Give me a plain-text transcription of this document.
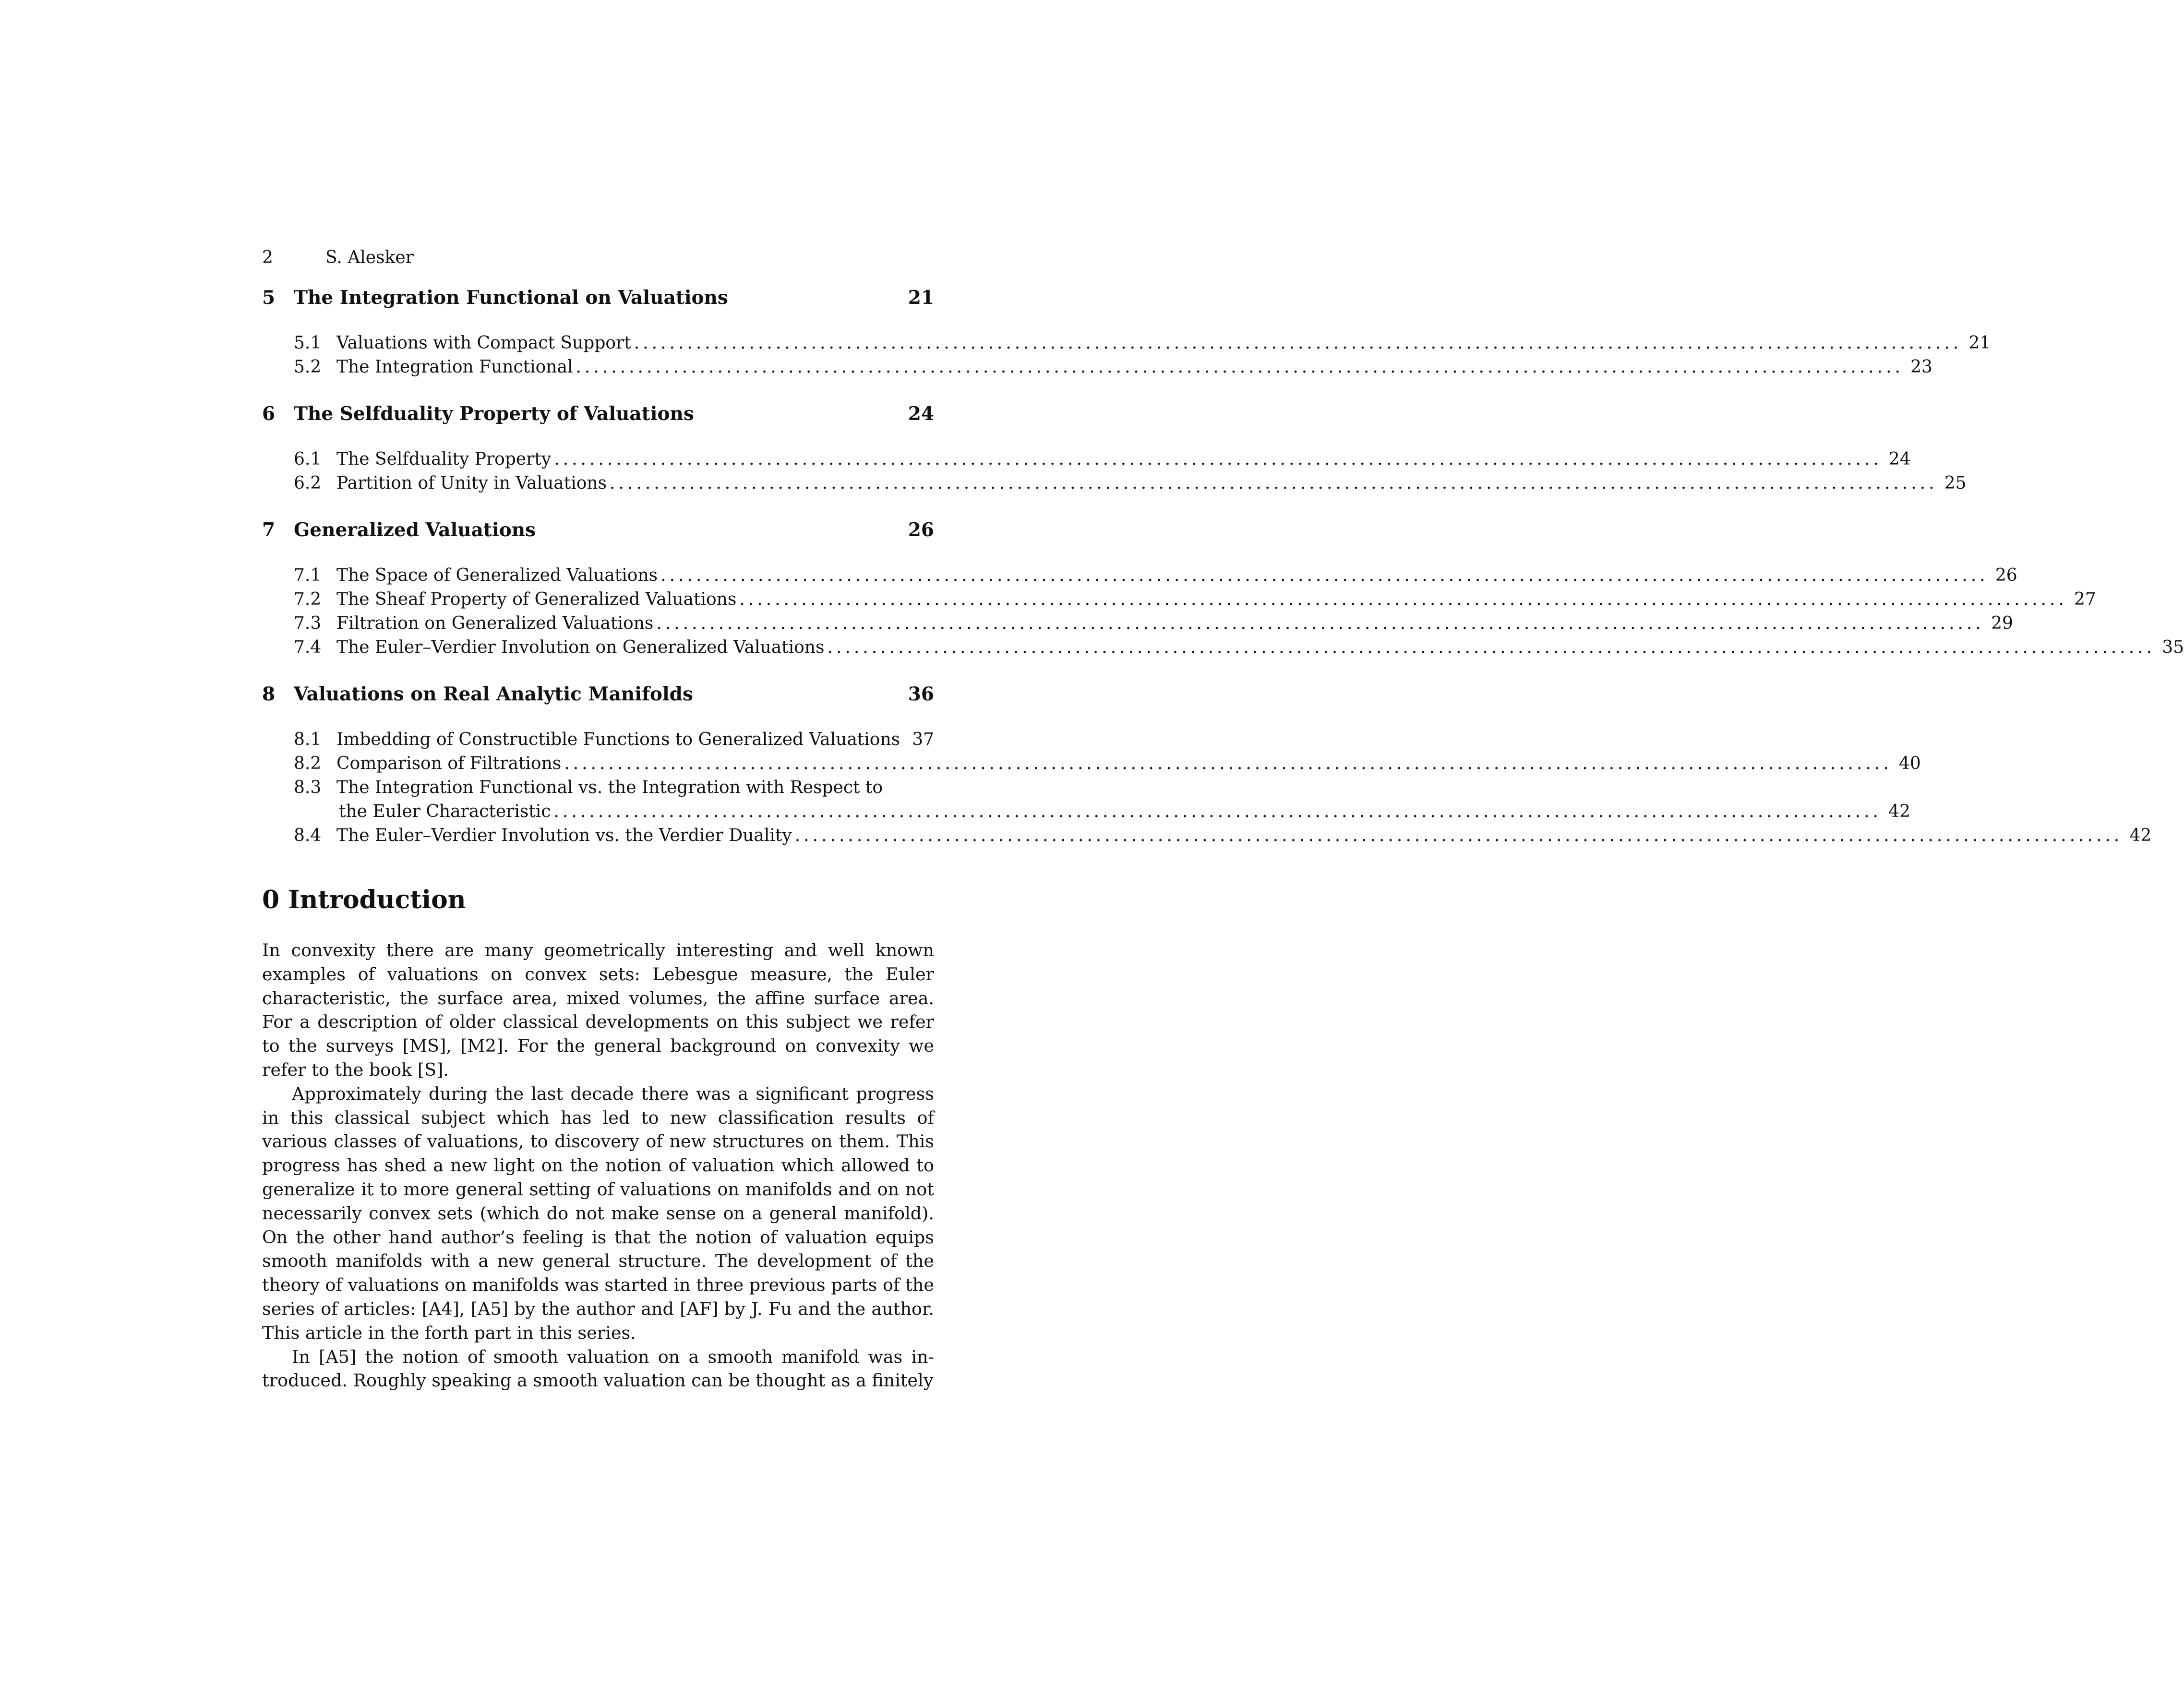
2	S. Alesker
5 The Integration Functional on Valuations	21
5.1 Valuations with Compact Support ...................................................................................................................................................... 21
5.2 The Integration Functional ...................................................................................................................................................... 23
6 The Selfduality Property of Valuations	24
6.1 The Selfduality Property ...................................................................................................................................................... 24
6.2 Partition of Unity in Valuations ...................................................................................................................................................... 25
7 Generalized Valuations	26
7.1 The Space of Generalized Valuations ...................................................................................................................................................... 26
7.2 The Sheaf Property of Generalized Valuations ...................................................................................................................................................... 27
7.3 Filtration on Generalized Valuations ...................................................................................................................................................... 29
7.4 The Euler–Verdier Involution on Generalized Valuations ...................................................................................................................................................... 35
8 Valuations on Real Analytic Manifolds	36
8.1 Imbedding of Constructible Functions to Generalized Valuations 37
8.2 Comparison of Filtrations ...................................................................................................................................................... 40
8.3 The Integration Functional vs. the Integration with Respect to
the Euler Characteristic ...................................................................................................................................................... 42
8.4 The Euler–Verdier Involution vs. the Verdier Duality ...................................................................................................................................................... 42
0 Introduction

In convexity there are many geometrically interesting and well known examples of valuations on convex sets: Lebesgue measure, the Euler characteristic, the surface area, mixed volumes, the affine surface area. For a description of older classical developments on this subject we refer to the surveys [MS], [M2]. For the general background on convexity we refer to the book [S].

Approximately during the last decade there was a significant progress in this classical subject which has led to new classification results of various classes of valuations, to discovery of new structures on them. This progress has shed a new light on the notion of valuation which allowed to generalize it to more general setting of valuations on manifolds and on not necessarily convex sets (which do not make sense on a general manifold). On the other hand author’s feeling is that the notion of valuation equips smooth manifolds with a new general structure. The development of the theory of valuations on manifolds was started in three previous parts of the series of articles: [A4], [A5] by the author and [AF] by J. Fu and the author. This article in the forth part in this series.

In [A5] the notion of smooth valuation on a smooth manifold was introduced. Roughly speaking a smooth valuation can be thought as a finitely
